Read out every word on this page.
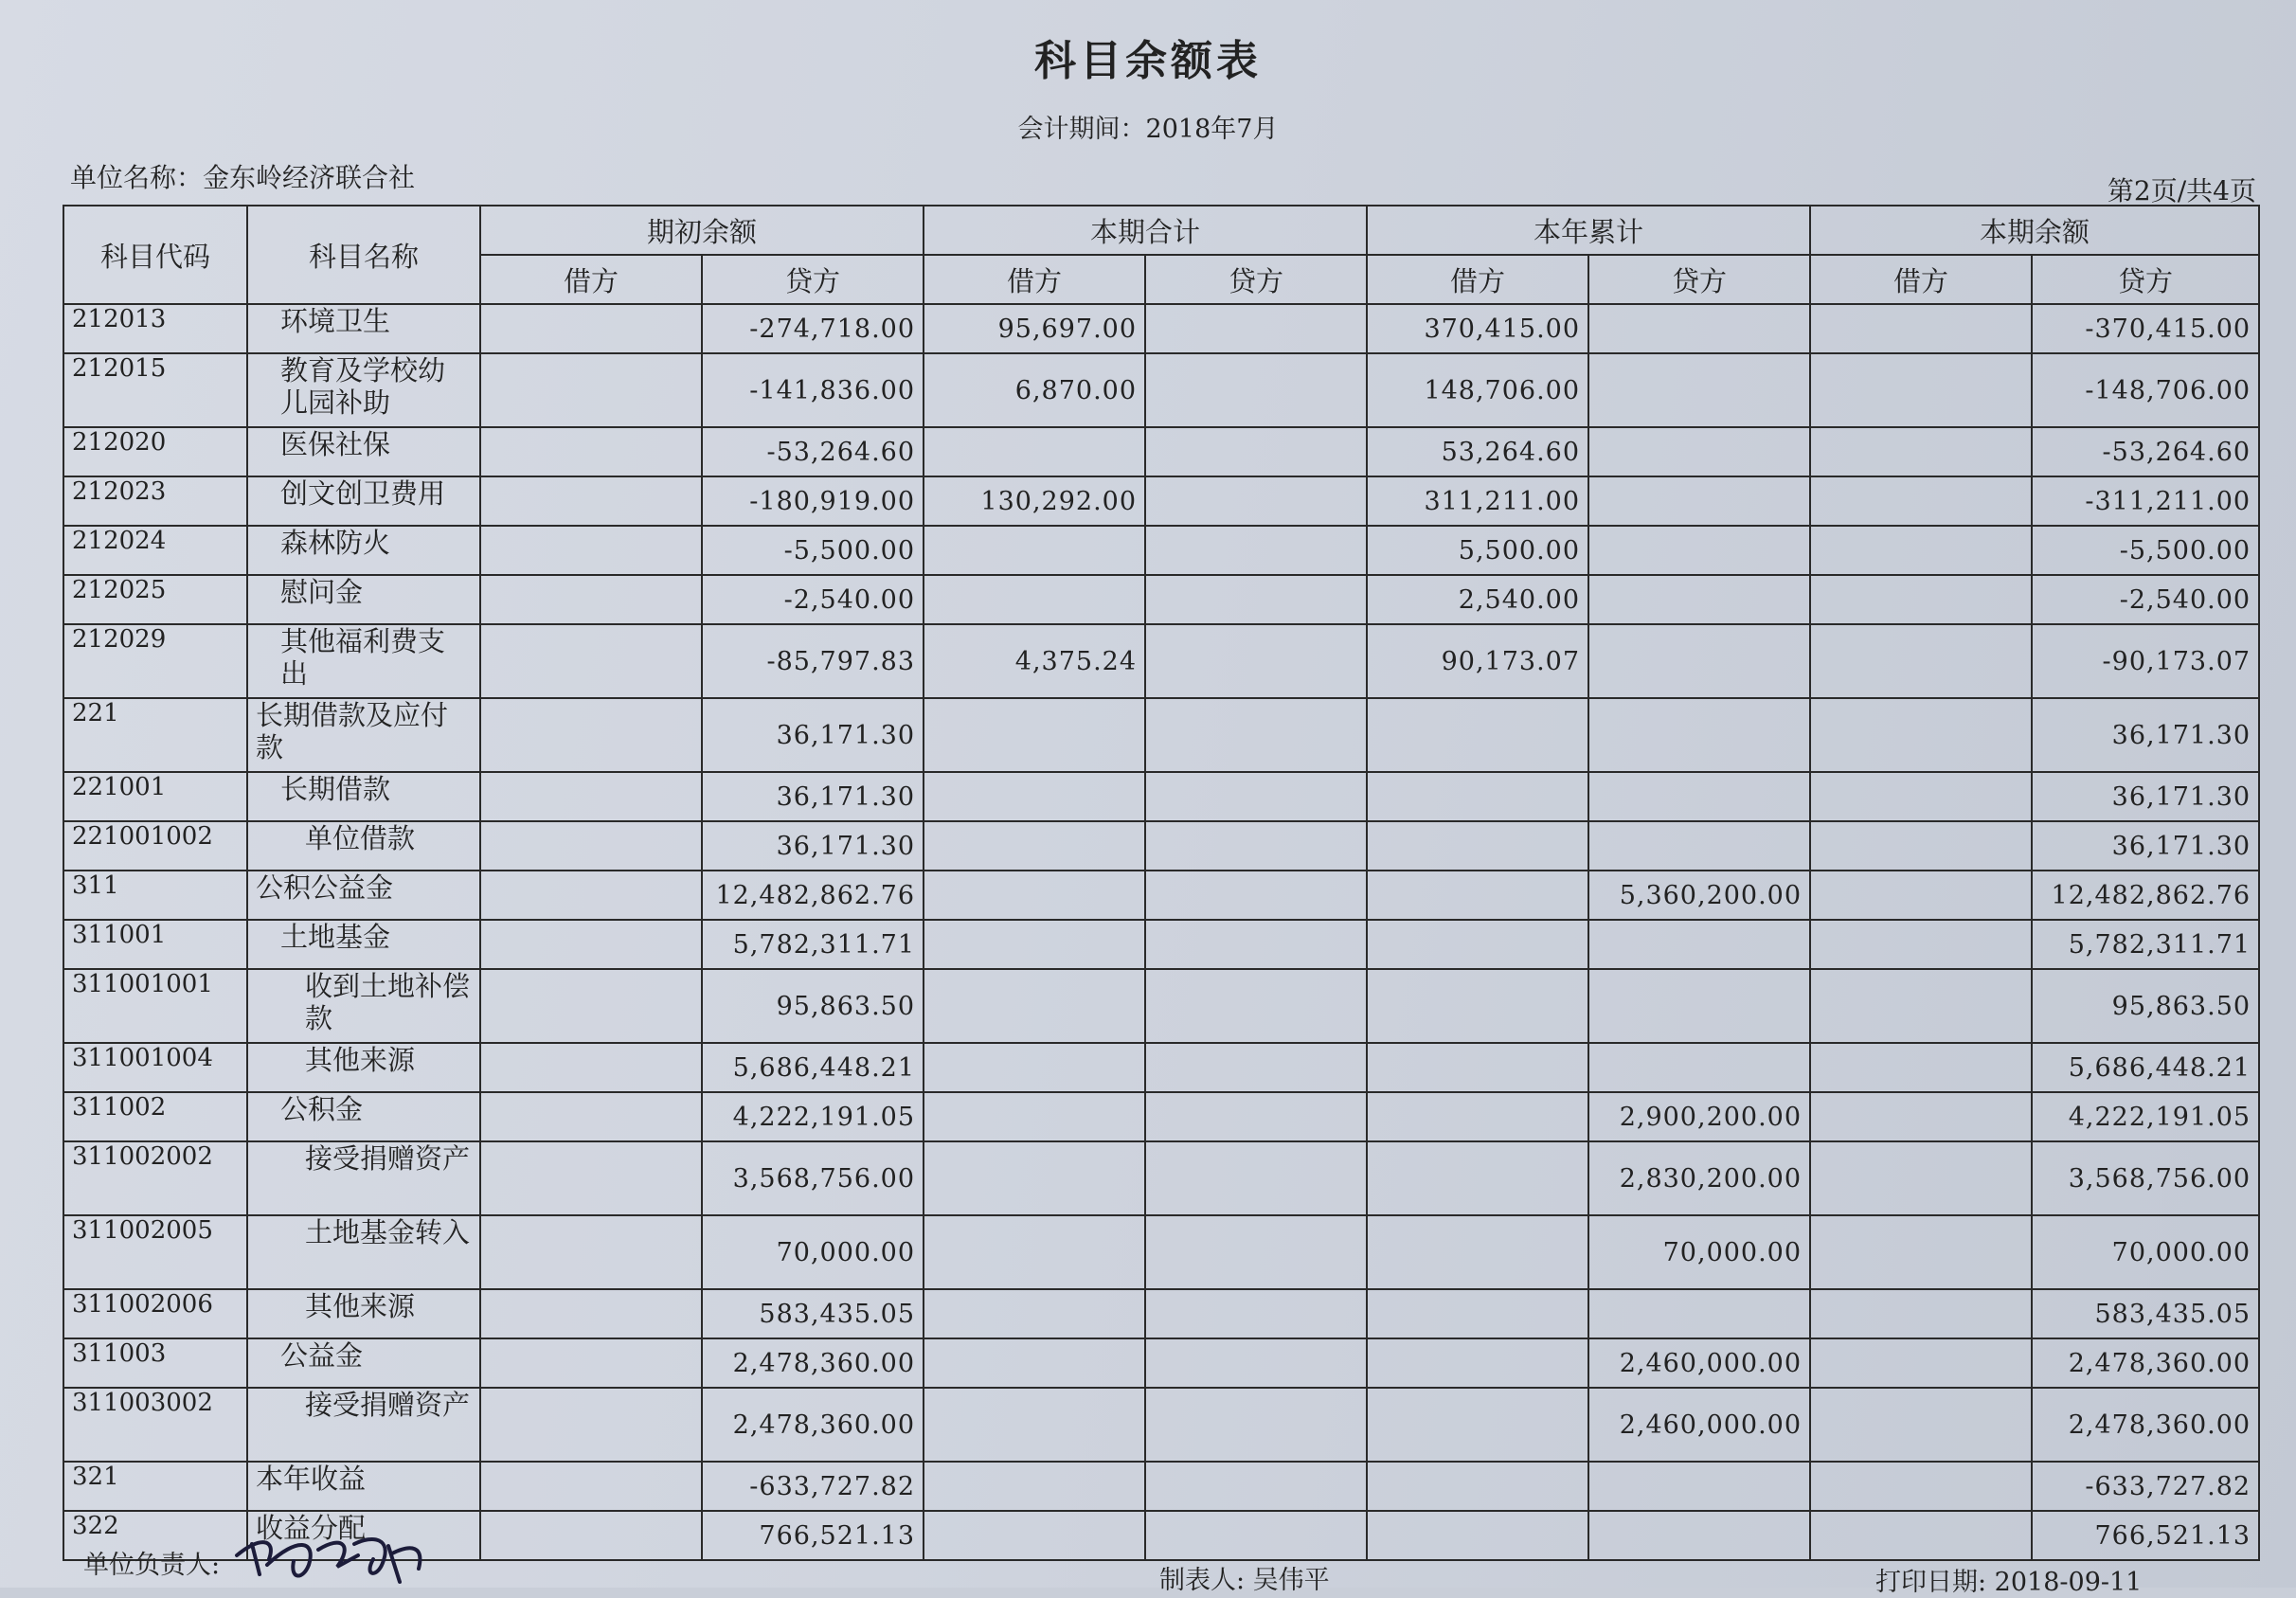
科目余额表
会计期间：2018年7月
单位名称：金东岭经济联合社	第2页/共4页
科目代码	科目名称	期初余额		本期合计		本年累计		本期余额	
		借方	贷方	借方	贷方	借方	贷方	借方	贷方
212013	环境卫生		-274,718.00	95,697.00		370,415.00			-370,415.00
212015	教育及学校幼儿园补助		-141,836.00	6,870.00		148,706.00			-148,706.00
212020	医保社保		-53,264.60			53,264.60			-53,264.60
212023	创文创卫费用		-180,919.00	130,292.00		311,211.00			-311,211.00
212024	森林防火		-5,500.00			5,500.00			-5,500.00
212025	慰问金		-2,540.00			2,540.00			-2,540.00
212029	其他福利费支出		-85,797.83	4,375.24		90,173.07			-90,173.07
221	长期借款及应付款		36,171.30						36,171.30
221001	长期借款		36,171.30						36,171.30
221001002	单位借款		36,171.30						36,171.30
311	公积公益金		12,482,862.76				5,360,200.00		12,482,862.76
311001	土地基金		5,782,311.71						5,782,311.71
311001001	收到土地补偿款		95,863.50						95,863.50
311001004	其他来源		5,686,448.21						5,686,448.21
311002	公积金		4,222,191.05				2,900,200.00		4,222,191.05
311002002	接受捐赠资产		3,568,756.00				2,830,200.00		3,568,756.00
311002005	土地基金转入		70,000.00				70,000.00		70,000.00
311002006	其他来源		583,435.05						583,435.05
311003	公益金		2,478,360.00				2,460,000.00		2,478,360.00
311003002	接受捐赠资产		2,478,360.00				2,460,000.00		2,478,360.00
321	本年收益		-633,727.82						-633,727.82
322	收益分配		766,521.13						766,521.13
单位负责人:
制表人: 吴伟平	打印日期: 2018-09-11
